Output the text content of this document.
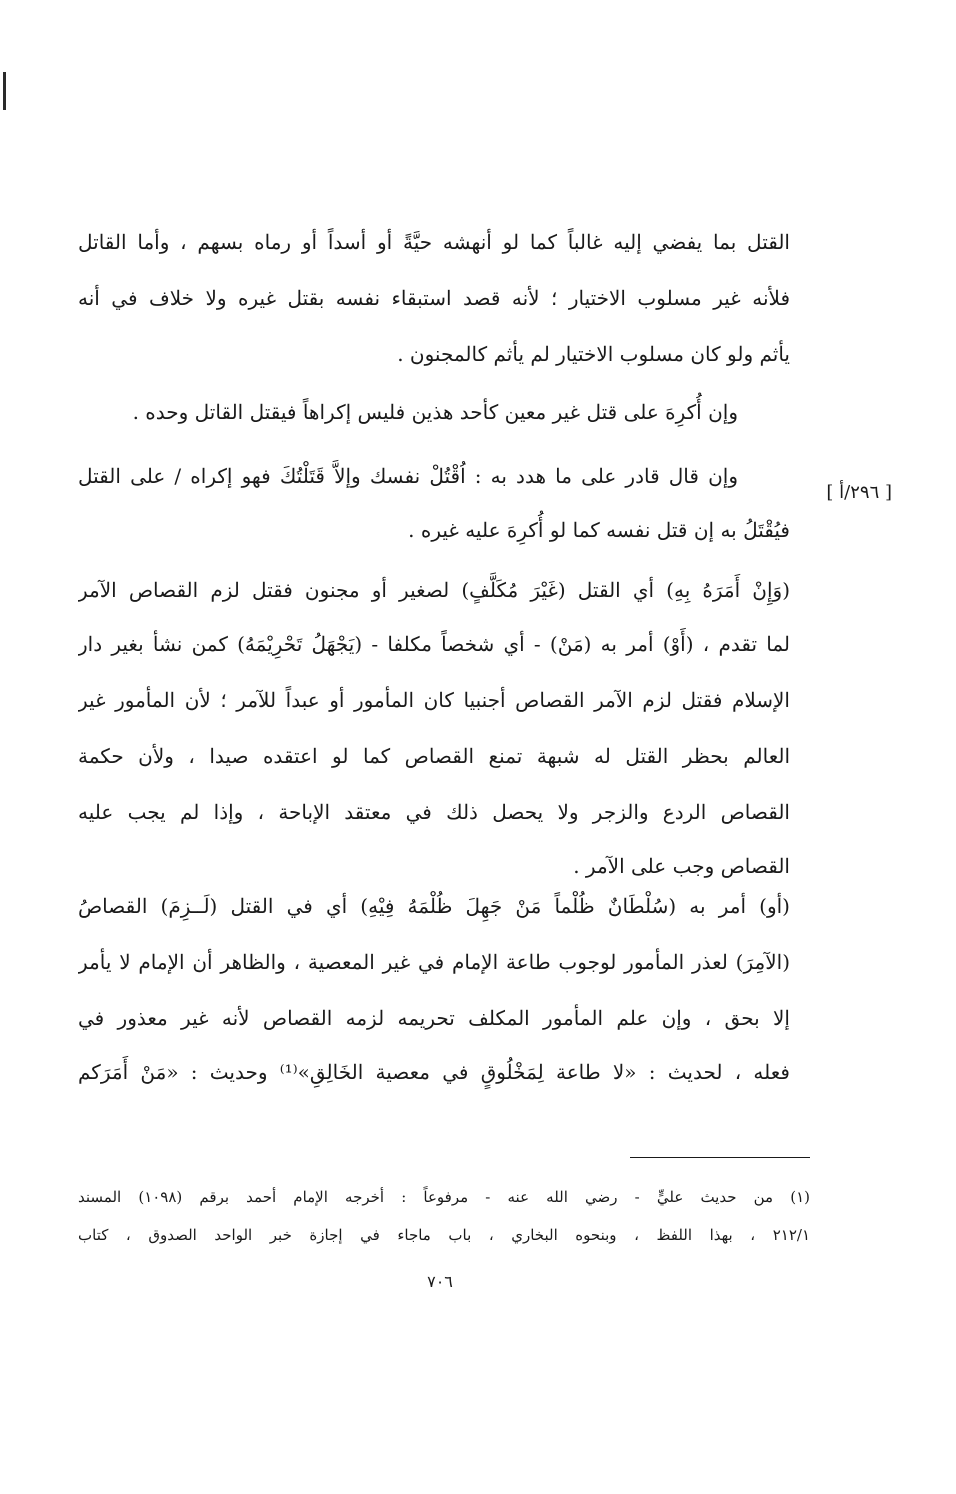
القتل بما يفضي إليه غالباً كما لو أنهشه حيَّةً أو أسداً أو رماه بسهم ، وأما القاتل
فلأنه غير مسلوب الاختيار ؛ لأنه قصد استبقاء نفسه بقتل غيره ولا خلاف في أنه
يأثم ولو كان مسلوب الاختيار لم يأثم كالمجنون .
وإن أُكرِهَ على قتل غير معين كأحد هذين فليس إكراهاً فيقتل القاتل وحده .
وإن قال قادر على ما هدد به : اُقْتُلْ نفسك وإلاَّ قَتَلْتُكَ فهو إكراه / على القتل
[ ٢٩٦/أ ]
فيُقْتَلُ به إن قتل نفسه كما لو أُكرِهَ عليه غيره .
(وَإِنْ أَمَرَهُ بِهِ) أي القتل (غَيْرَ مُكَلَّفٍ) لصغير أو مجنون فقتل لزم القصاص الآمر
لما تقدم ، (أَوْ) أمر به (مَنْ) - أي شخصاً مكلفا - (يَجْهَلُ تَحْرِيْمَهُ) كمن نشأ بغير دار
الإسلام فقتل لزم الآمر القصاص أجنبيا كان المأمور أو عبداً للآمر ؛ لأن المأمور غير
العالم بحظر القتل له شبهة تمنع القصاص كما لو اعتقده صيدا ، ولأن حكمة
القصاص الردع والزجر ولا يحصل ذلك في معتقد الإباحة ، وإذا لم يجب عليه
القصاص وجب على الآمر .
(أو) أمر به (سُلْطَانٌ ظُلْماً مَنْ جَهِلَ ظُلْمَهُ فِيْهِ) أي في القتل (لَــزِمَ) القصاصُ
(الآمِرَ) لعذر المأمور لوجوب طاعة الإمام في غير المعصية ، والظاهر أن الإمام لا يأمر
إلا بحق ، وإن علم المأمور المكلف تحريمه لزمه القصاص لأنه غير معذور في
فعله ، لحديث : «لا طاعة لِمَخْلُوقٍ في معصية الخَالِقِ»⁽¹⁾ وحديث : «مَنْ أَمَرَكم
(١) من حديث عليٍّ - رضي الله عنه - مرفوعاً : أخرجه الإمام أحمد برقم (١٠٩٨) المسند
٢١٢/١ ، بهذا اللفظ ، وبنحوه البخاري ، باب ماجاء في إجازة خبر الواحد الصدوق ، كتاب
٧٠٦
